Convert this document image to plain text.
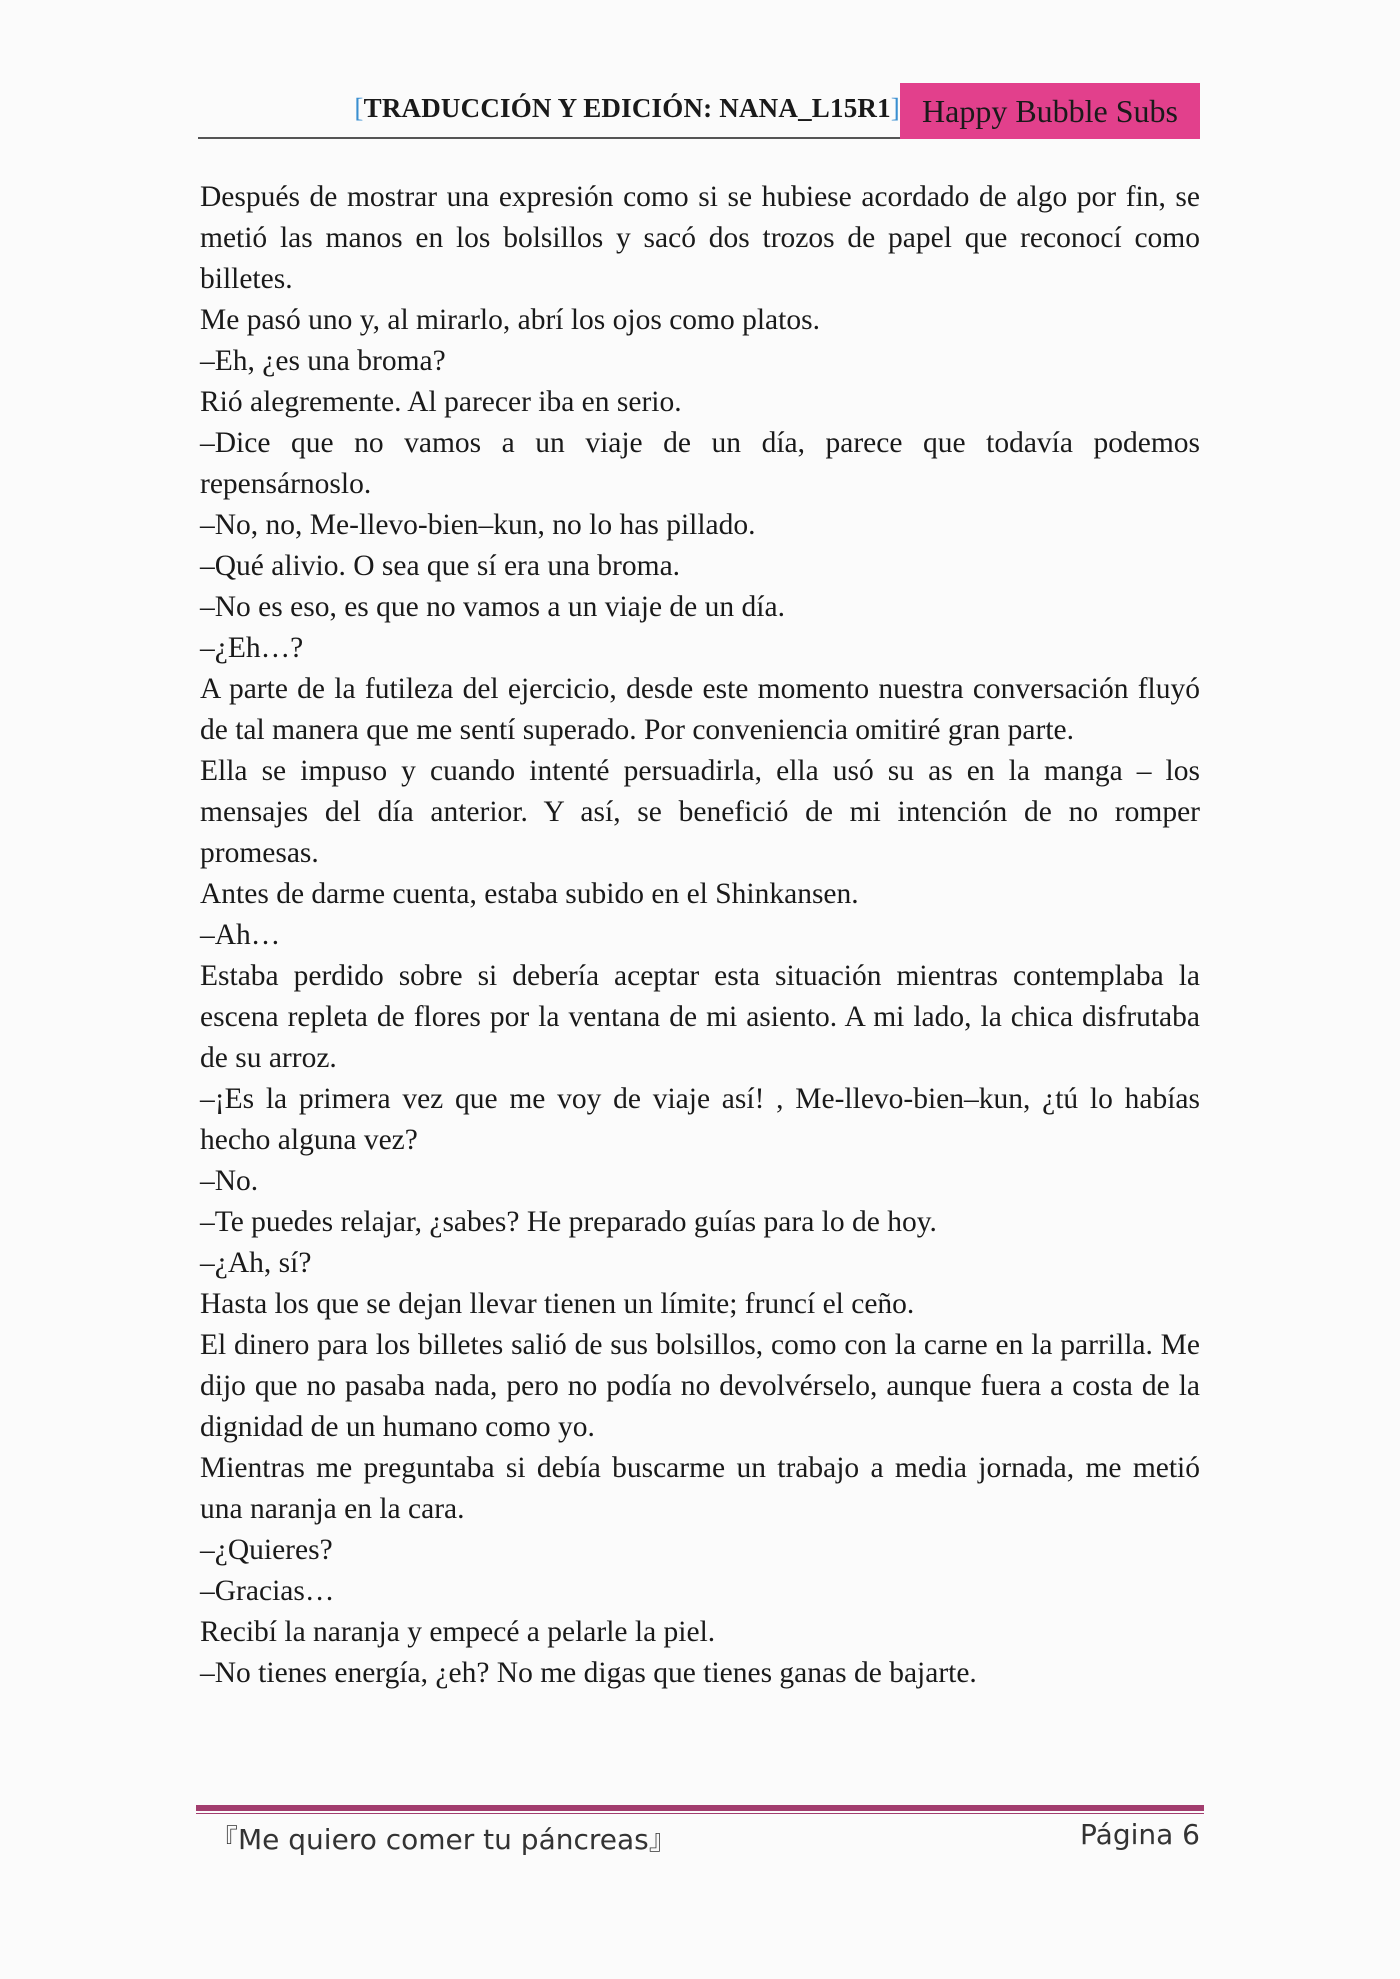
[TRADUCCIÓN Y EDICIÓN: NANA_L15R1] Happy Bubble Subs

Después de mostrar una expresión como si se hubiese acordado de algo por fin, se metió las manos en los bolsillos y sacó dos trozos de papel que reconocí como billetes.

Me pasó uno y, al mirarlo, abrí los ojos como platos.

–Eh, ¿es una broma?

Rió alegremente. Al parecer iba en serio.

–Dice que no vamos a un viaje de un día, parece que todavía podemos repensárnoslo.

–No, no, Me-llevo-bien–kun, no lo has pillado.

–Qué alivio. O sea que sí era una broma.

–No es eso, es que no vamos a un viaje de un día.

–¿Eh…?

A parte de la futileza del ejercicio, desde este momento nuestra conversación fluyó de tal manera que me sentí superado. Por conveniencia omitiré gran parte.

Ella se impuso y cuando intenté persuadirla, ella usó su as en la manga – los mensajes del día anterior. Y así, se benefició de mi intención de no romper promesas.

Antes de darme cuenta, estaba subido en el Shinkansen.

–Ah…

Estaba perdido sobre si debería aceptar esta situación mientras contemplaba la escena repleta de flores por la ventana de mi asiento. A mi lado, la chica disfrutaba de su arroz.

–¡Es la primera vez que me voy de viaje así! , Me-llevo-bien–kun, ¿tú lo habías hecho alguna vez?

–No.

–Te puedes relajar, ¿sabes? He preparado guías para lo de hoy.

–¿Ah, sí?

Hasta los que se dejan llevar tienen un límite; fruncí el ceño.

El dinero para los billetes salió de sus bolsillos, como con la carne en la parrilla. Me dijo que no pasaba nada, pero no podía no devolvérselo, aunque fuera a costa de la dignidad de un humano como yo.

Mientras me preguntaba si debía buscarme un trabajo a media jornada, me metió una naranja en la cara.

–¿Quieres?

–Gracias…

Recibí la naranja y empecé a pelarle la piel.

–No tienes energía, ¿eh? No me digas que tienes ganas de bajarte.

『Me quiero comer tu páncreas』	Página 6
